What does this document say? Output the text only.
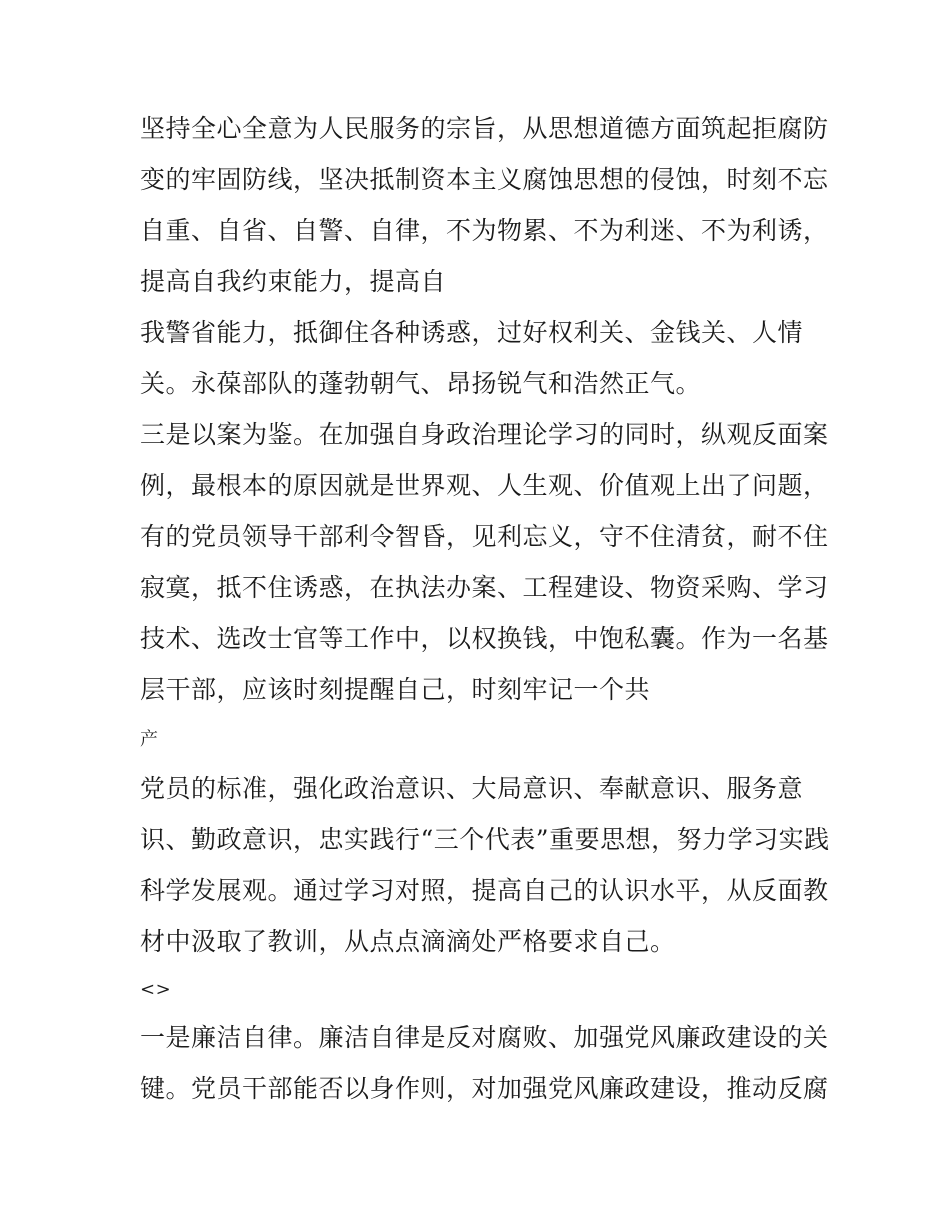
坚持全心全意为人民服务的宗旨，从思想道德方面筑起拒腐防
变的牢固防线，坚决抵制资本主义腐蚀思想的侵蚀，时刻不忘
自重、自省、自警、自律，不为物累、不为利迷、不为利诱，
提高自我约束能力，提高自
我警省能力，抵御住各种诱惑，过好权利关、金钱关、人情
关。永葆部队的蓬勃朝气、昂扬锐气和浩然正气。
三是以案为鉴。在加强自身政治理论学习的同时，纵观反面案
例，最根本的原因就是世界观、人生观、价值观上出了问题，
有的党员领导干部利令智昏，见利忘义，守不住清贫，耐不住
寂寞，抵不住诱惑，在执法办案、工程建设、物资采购、学习
技术、选改士官等工作中，以权换钱，中饱私囊。作为一名基
层干部，应该时刻提醒自己，时刻牢记一个共
产
党员的标准，强化政治意识、大局意识、奉献意识、服务意
识、勤政意识，忠实践行“三个代表”重要思想，努力学习实践
科学发展观。通过学习对照，提高自己的认识水平，从反面教
材中汲取了教训，从点点滴滴处严格要求自己。
<>
一是廉洁自律。廉洁自律是反对腐败、加强党风廉政建设的关
键。党员干部能否以身作则，对加强党风廉政建设，推动反腐
